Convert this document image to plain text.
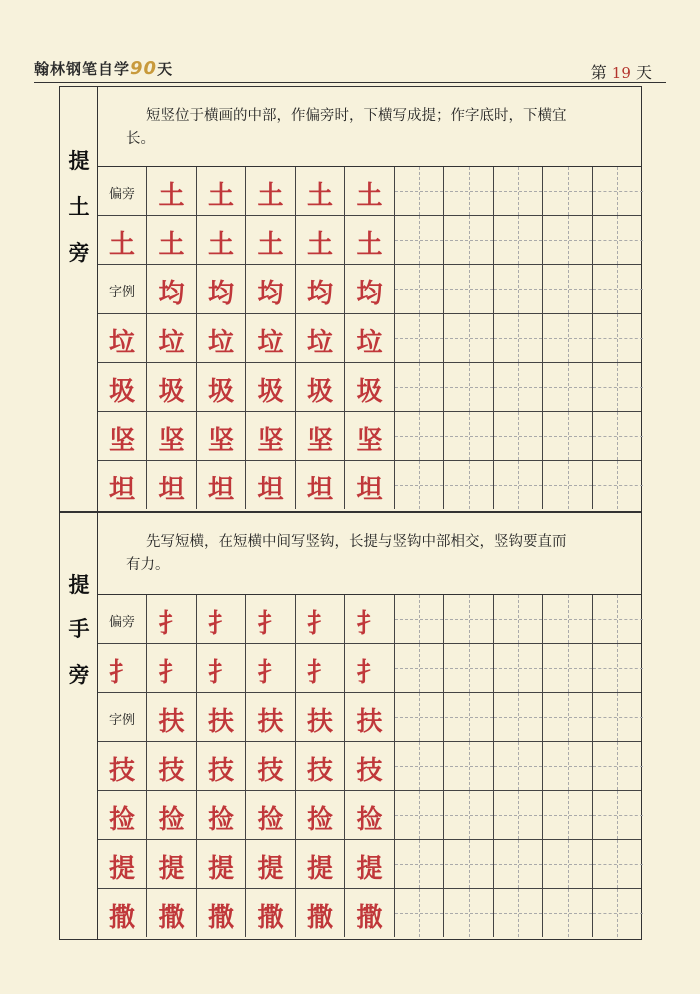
翰林钢笔自学90天	第 19 天
提
土
旁

短竖位于横画的中部，作偏旁时，下横写成提；作字底时，下横宜

长。

偏旁 土 土 土 土 土
土 土 土 土 土 土
字例 均 均 均 均 均
垃 垃 垃 垃 垃 垃
圾 圾 圾 圾 圾 圾
坚 坚 坚 坚 坚 坚
坦 坦 坦 坦 坦 坦
提
手
旁

先写短横，在短横中间写竖钩，长提与竖钩中部相交，竖钩要直而

有力。

偏旁 扌 扌 扌 扌 扌
扌 扌 扌 扌 扌 扌
字例 扶 扶 扶 扶 扶
技 技 技 技 技 技
捡 捡 捡 捡 捡 捡
提 提 提 提 提 提
撒 撒 撒 撒 撒 撒
